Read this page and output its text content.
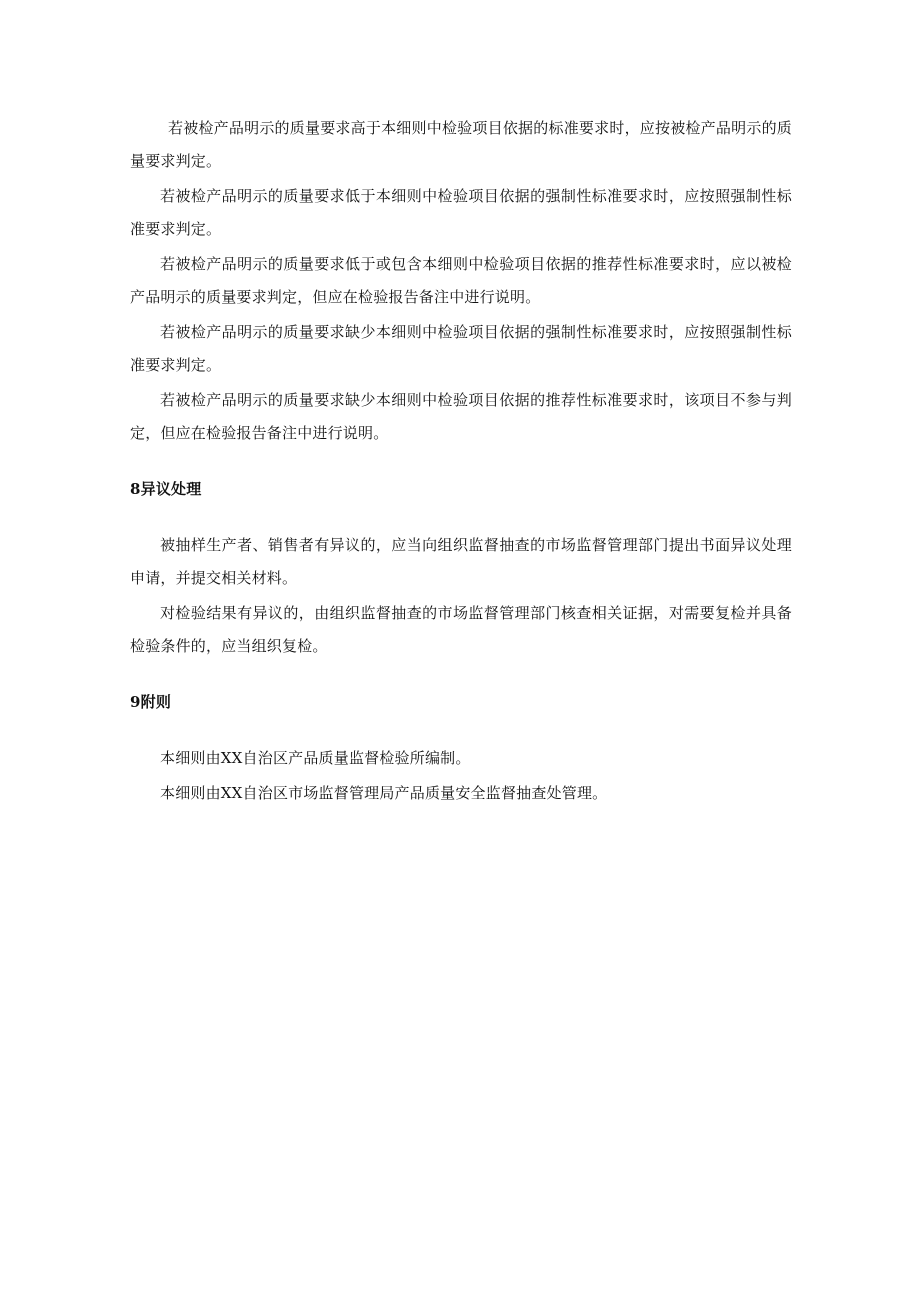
若被检产品明示的质量要求高于本细则中检验项目依据的标准要求时，应按被检产品明示的质量要求判定。

若被检产品明示的质量要求低于本细则中检验项目依据的强制性标准要求时，应按照强制性标准要求判定。

若被检产品明示的质量要求低于或包含本细则中检验项目依据的推荐性标准要求时，应以被检产品明示的质量要求判定，但应在检验报告备注中进行说明。

若被检产品明示的质量要求缺少本细则中检验项目依据的强制性标准要求时，应按照强制性标准要求判定。

若被检产品明示的质量要求缺少本细则中检验项目依据的推荐性标准要求时，该项目不参与判定，但应在检验报告备注中进行说明。

8异议处理

被抽样生产者、销售者有异议的，应当向组织监督抽查的市场监督管理部门提出书面异议处理申请，并提交相关材料。

对检验结果有异议的，由组织监督抽查的市场监督管理部门核查相关证据，对需要复检并具备检验条件的，应当组织复检。

9附则

本细则由XX自治区产品质量监督检验所编制。

本细则由XX自治区市场监督管理局产品质量安全监督抽查处管理。
